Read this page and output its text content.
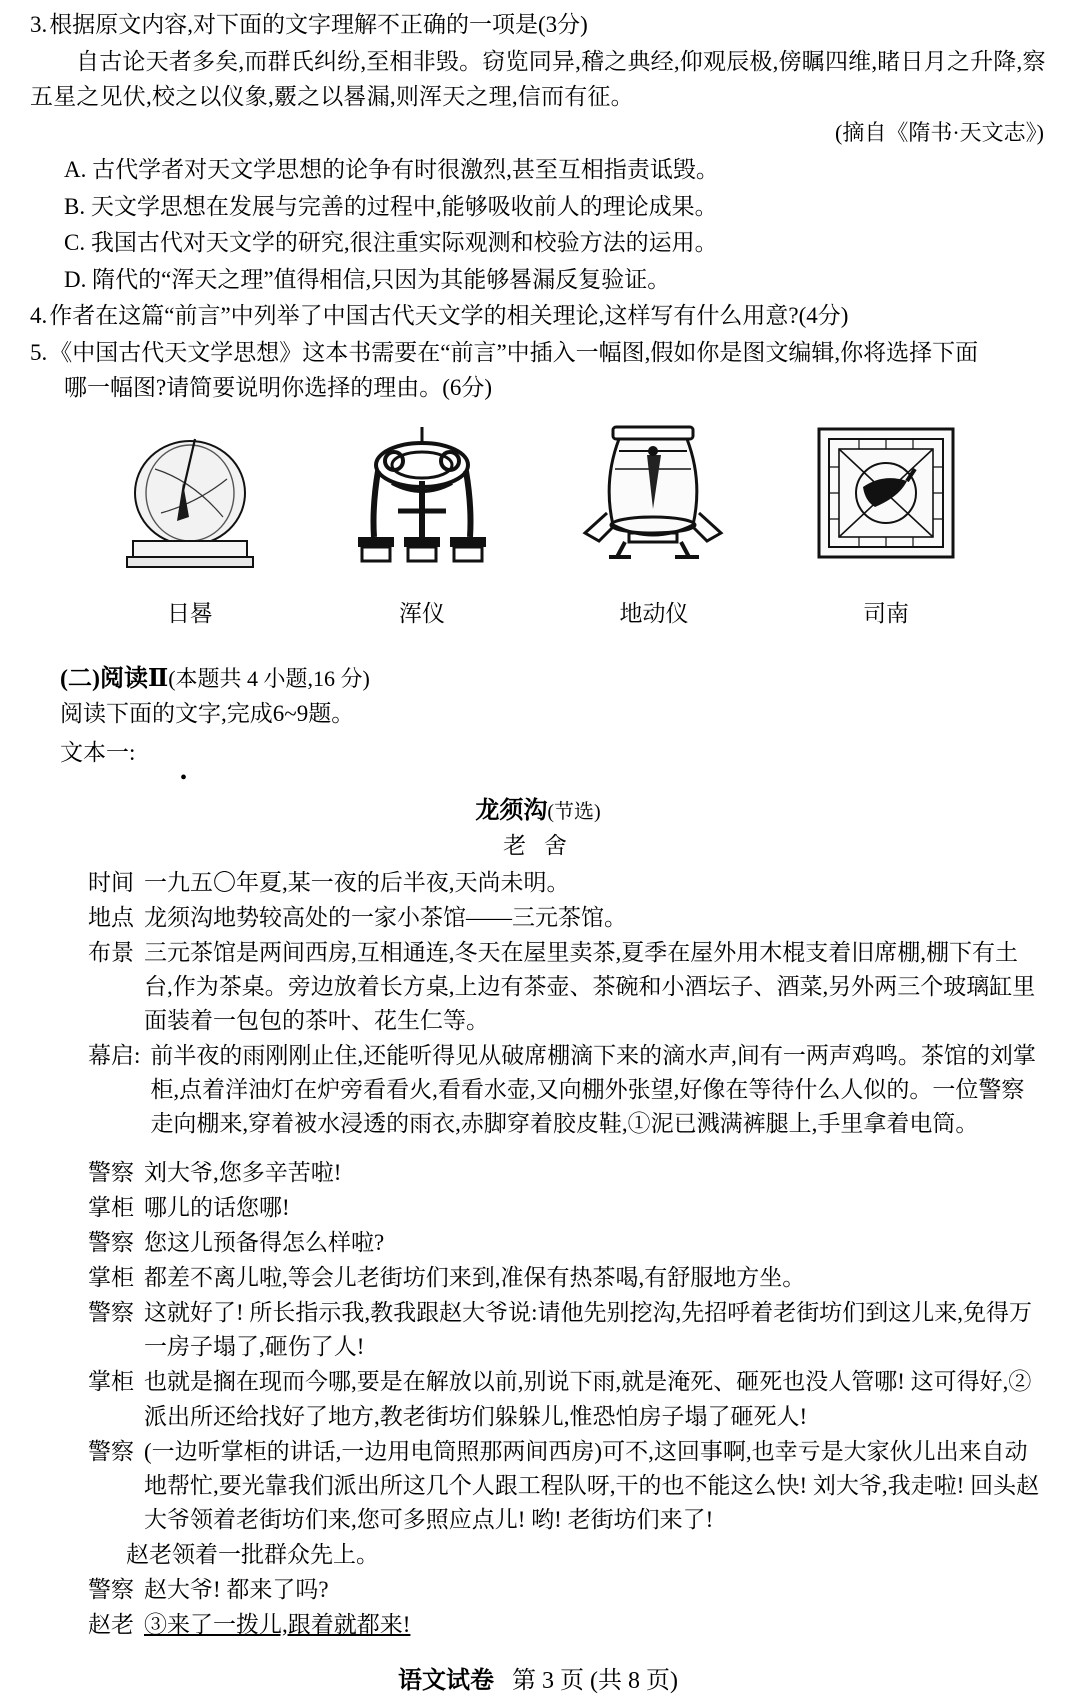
3. 根据原文内容,对下面的文字理解不正确的一项是(3分)
自古论天者多矣,而群氏纠纷,至相非毁。窃览同异,稽之典经,仰观辰极,傍瞩四维,睹日月之升降,察五星之见伏,校之以仪象,覈之以晷漏,则浑天之理,信而有征。
(摘自《隋书·天文志》)
A. 古代学者对天文学思想的论争有时很激烈,甚至互相指责诋毁。
B. 天文学思想在发展与完善的过程中,能够吸收前人的理论成果。
C. 我国古代对天文学的研究,很注重实际观测和校验方法的运用。
D. 隋代的“浑天之理”值得相信,只因为其能够晷漏反复验证。
4. 作者在这篇“前言”中列举了中国古代天文学的相关理论,这样写有什么用意?(4分)
5. 《中国古代天文学思想》这本书需要在“前言”中插入一幅图,假如你是图文编辑,你将选择下面
哪一幅图?请简要说明你选择的理由。(6分)
日晷	浑仪	地动仪	司南
(二)阅读Ⅱ(本题共 4 小题,16 分)
阅读下面的文字,完成6~9题。
文本一:
•
龙须沟(节选)
老 舍
时间 一九五〇年夏,某一夜的后半夜,天尚未明。
地点 龙须沟地势较高处的一家小茶馆——三元茶馆。
布景 三元茶馆是两间西房,互相通连,冬天在屋里卖茶,夏季在屋外用木棍支着旧席棚,棚下有土台,作为茶桌。旁边放着长方桌,上边有茶壶、茶碗和小酒坛子、酒菜,另外两三个玻璃缸里面装着一包包的茶叶、花生仁等。
幕启: 前半夜的雨刚刚止住,还能听得见从破席棚滴下来的滴水声,间有一两声鸡鸣。茶馆的刘掌柜,点着洋油灯在炉旁看看火,看看水壶,又向棚外张望,好像在等待什么人似的。一位警察走向棚来,穿着被水浸透的雨衣,赤脚穿着胶皮鞋,①泥已溅满裤腿上,手里拿着电筒。
警察 刘大爷,您多辛苦啦!
掌柜 哪儿的话您哪!
警察 您这儿预备得怎么样啦?
掌柜 都差不离儿啦,等会儿老街坊们来到,准保有热茶喝,有舒服地方坐。
警察 这就好了! 所长指示我,教我跟赵大爷说:请他先别挖沟,先招呼着老街坊们到这儿来,免得万一房子塌了,砸伤了人!
掌柜 也就是搁在现而今哪,要是在解放以前,别说下雨,就是淹死、砸死也没人管哪! 这可得好,②派出所还给找好了地方,教老街坊们躲躲儿,惟恐怕房子塌了砸死人!
警察 (一边听掌柜的讲话,一边用电筒照那两间西房)可不,这回事啊,也幸亏是大家伙儿出来自动地帮忙,要光靠我们派出所这几个人跟工程队呀,干的也不能这么快! 刘大爷,我走啦! 回头赵大爷领着老街坊们来,您可多照应点儿! 哟! 老街坊们来了!
赵老领着一批群众先上。
警察 赵大爷! 都来了吗?
赵老 ③来了一拨儿,跟着就都来!
语文试卷 第 3 页 (共 8 页)
